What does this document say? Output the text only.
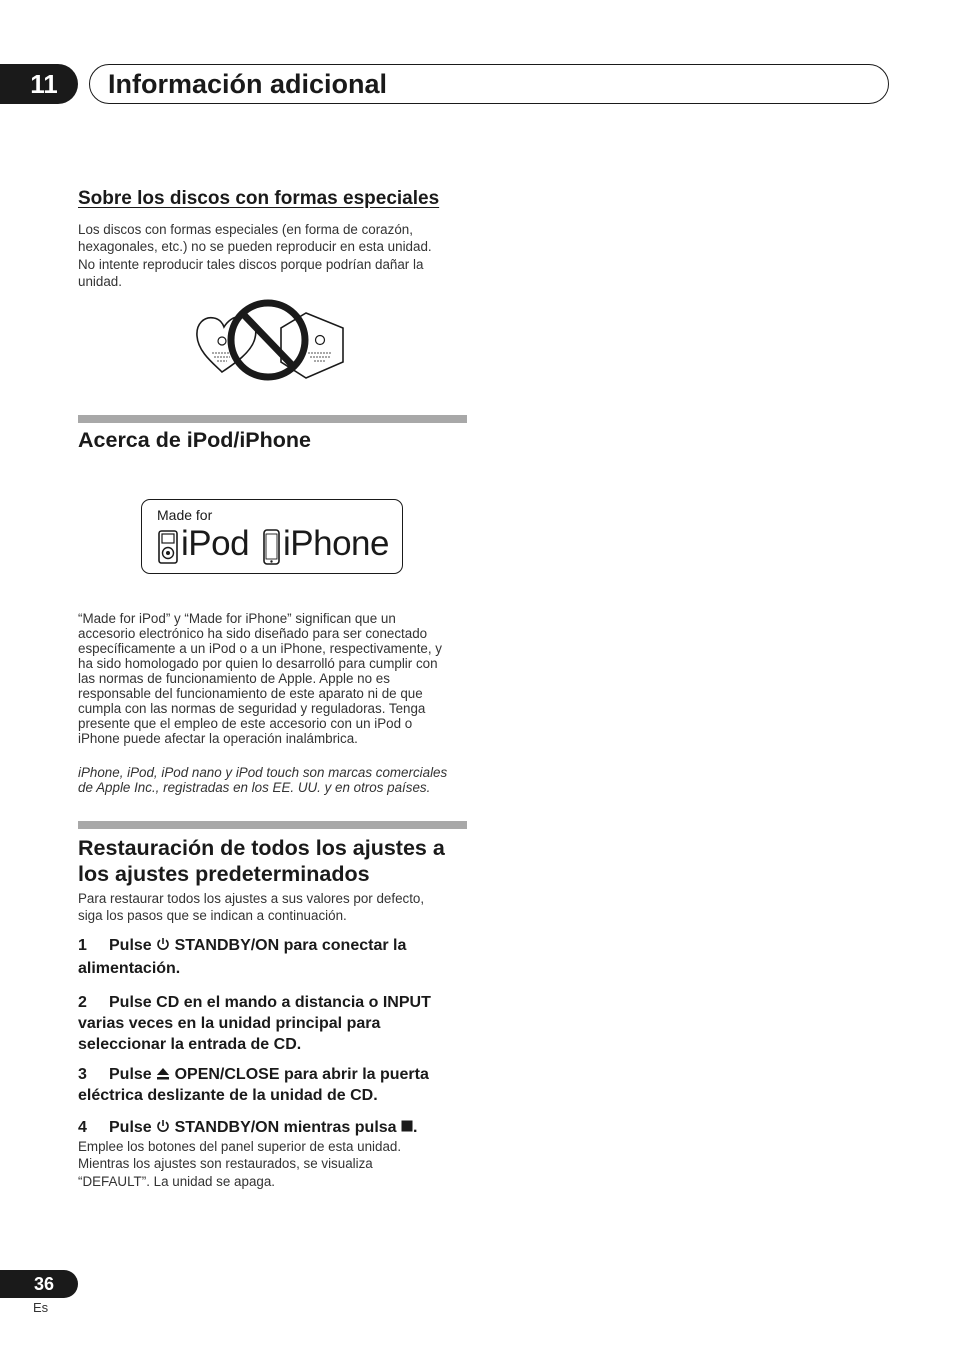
11	Información adicional
Sobre los discos con formas especiales
Los discos con formas especiales (en forma de corazón,
hexagonales, etc.) no se pueden reproducir en esta unidad.
No intente reproducir tales discos porque podrían dañar la
unidad.
Acerca de iPod/iPhone
Made for
iPod iPhone
“Made for iPod” y “Made for iPhone” significan que un
accesorio electrónico ha sido diseñado para ser conectado
específicamente a un iPod o a un iPhone, respectivamente, y
ha sido homologado por quien lo desarrolló para cumplir con
las normas de funcionamiento de Apple. Apple no es
responsable del funcionamiento de este aparato ni de que
cumpla con las normas de seguridad y reguladoras. Tenga
presente que el empleo de este accesorio con un iPod o
iPhone puede afectar la operación inalámbrica.
iPhone, iPod, iPod nano y iPod touch son marcas comerciales
de Apple Inc., registradas en los EE. UU. y en otros países.
Restauración de todos los ajustes a
los ajustes predeterminados
Para restaurar todos los ajustes a sus valores por defecto,
siga los pasos que se indican a continuación.
1 Pulse  STANDBY/ON para conectar la
alimentación.
2 Pulse CD en el mando a distancia o INPUT
varias veces en la unidad principal para
seleccionar la entrada de CD.
3 Pulse  OPEN/CLOSE para abrir la puerta
eléctrica deslizante de la unidad de CD.
4 Pulse  STANDBY/ON mientras pulsa .
Emplee los botones del panel superior de esta unidad.
Mientras los ajustes son restaurados, se visualiza
“DEFAULT”. La unidad se apaga.
36
Es
